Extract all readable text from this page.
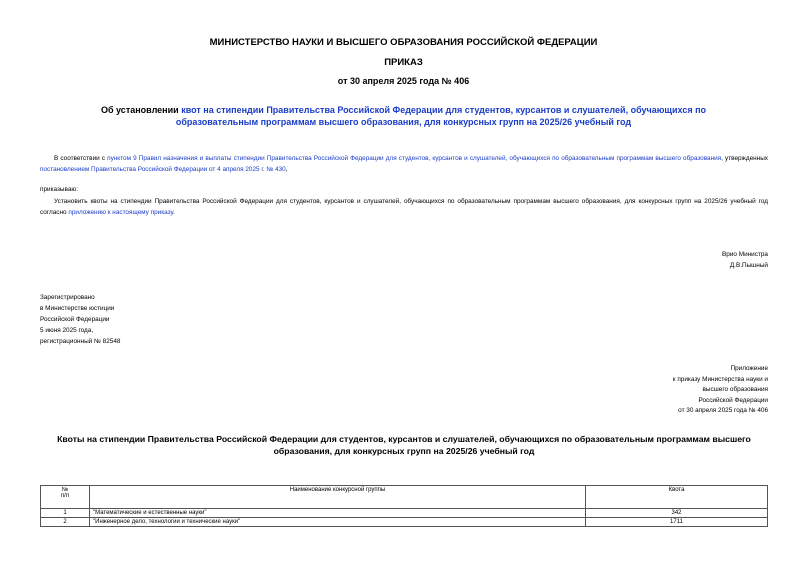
МИНИСТЕРСТВО НАУКИ И ВЫСШЕГО ОБРАЗОВАНИЯ РОССИЙСКОЙ ФЕДЕРАЦИИ
ПРИКАЗ
от 30 апреля 2025 года № 406
Об установлении квот на стипендии Правительства Российской Федерации для студентов, курсантов и слушателей, обучающихся по образовательным программам высшего образования, для конкурсных групп на 2025/26 учебный год
В соответствии с пунктом 9 Правил назначения и выплаты стипендии Правительства Российской Федерации для студентов, курсантов и слушателей, обучающихся по образовательным программам высшего образования, утвержденных постановлением Правительства Российской Федерации от 4 апреля 2025 г. № 430,
приказываю:
Установить квоты на стипендии Правительства Российской Федерации для студентов, курсантов и слушателей, обучающихся по образовательным программам высшего образования, для конкурсных групп на 2025/26 учебный год согласно приложению к настоящему приказу.
Врио Министра
Д.В.Пышный
Зарегистрировано
в Министерстве юстиции
Российской Федерации
5 июня 2025 года,
регистрационный № 82548
Приложение
к приказу Министерства науки и
высшего образования
Российской Федерации
от 30 апреля 2025 года № 406
Квоты на стипендии Правительства Российской Федерации для студентов, курсантов и слушателей, обучающихся по образовательным программам высшего образования, для конкурсных групп на 2025/26 учебный год
№
п/п	Наименование конкурсной группы	Квота
1	"Математические и естественные науки"	342
2	"Инженерное дело, технологии и технические науки"	1711
